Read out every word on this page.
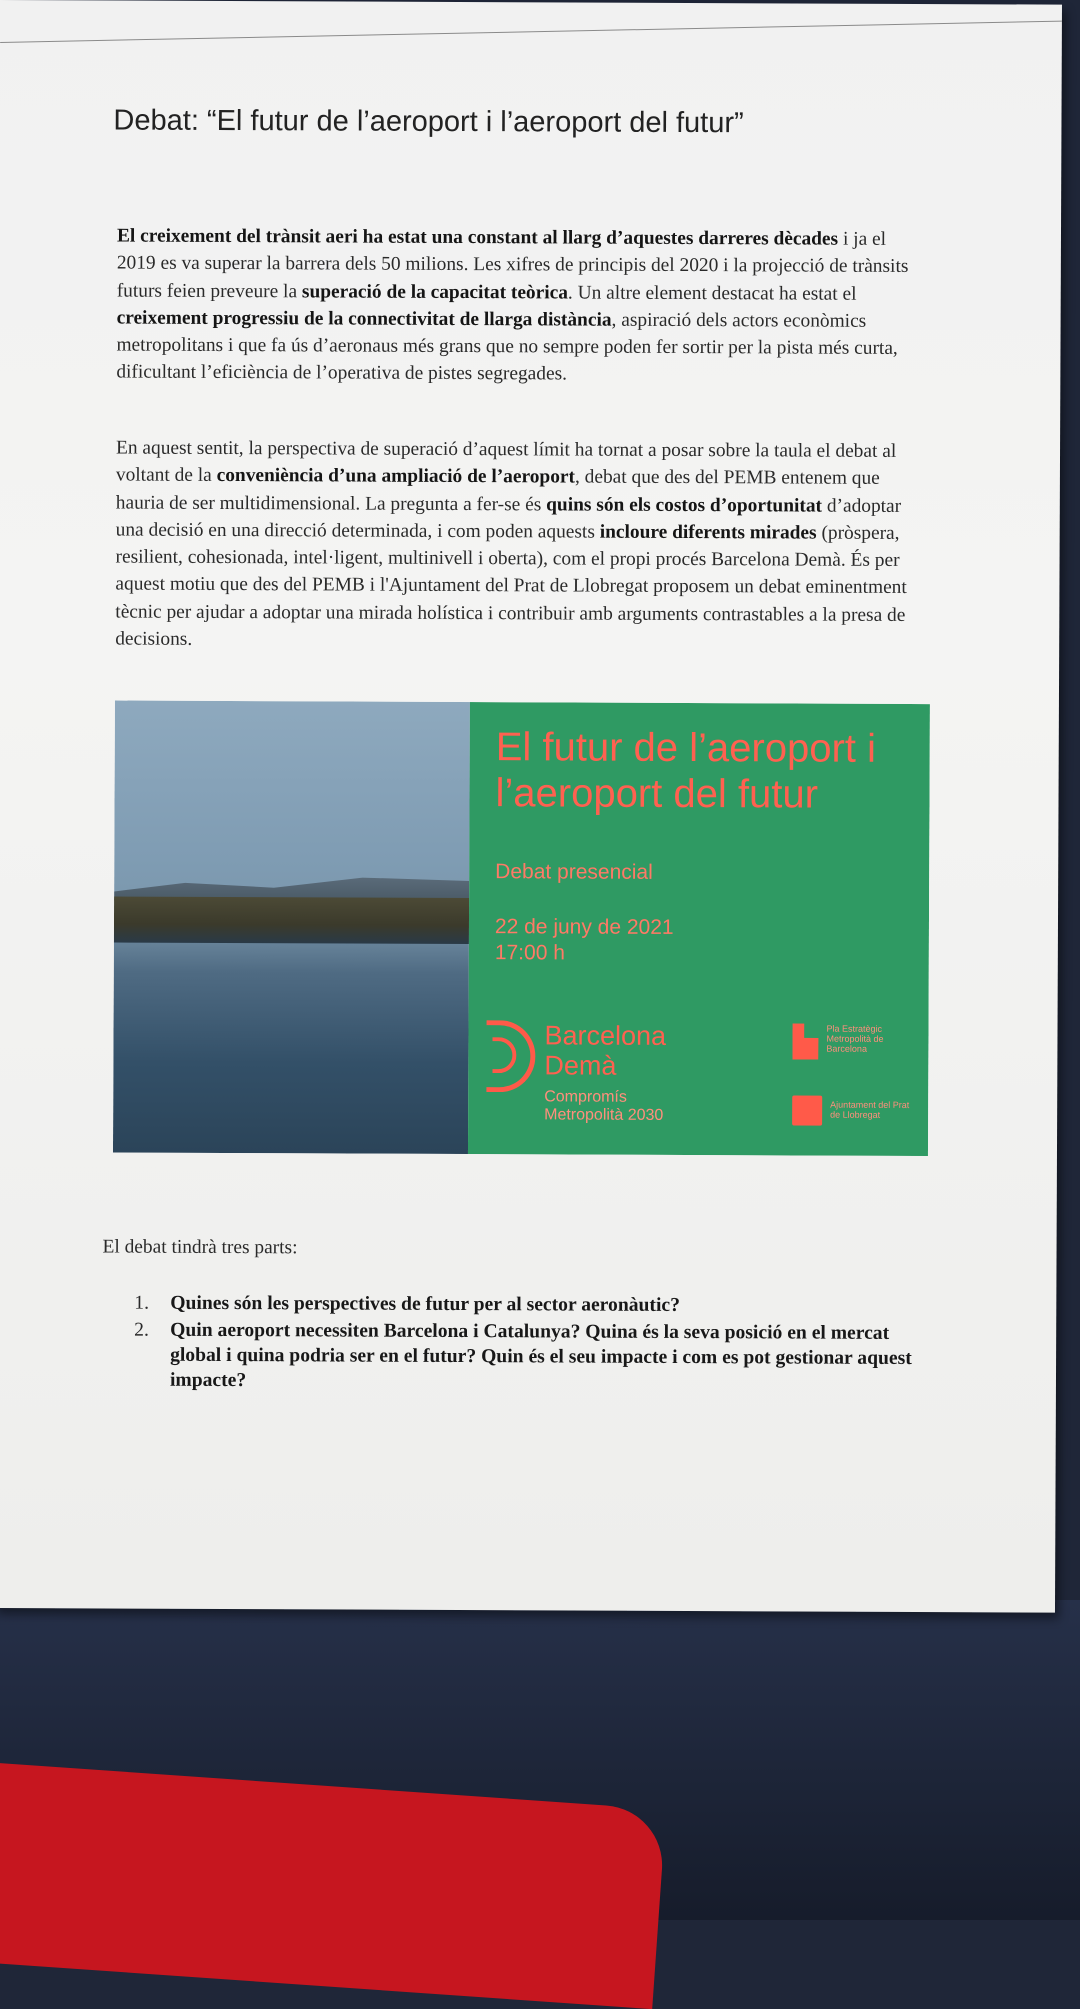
Debat: “El futur de l’aeroport i l’aeroport del futur”

El creixement del trànsit aeri ha estat una constant al llarg d’aquestes darreres dècades i ja el 2019 es va superar la barrera dels 50 milions. Les xifres de principis del 2020 i la projecció de trànsits futurs feien preveure la superació de la capacitat teòrica. Un altre element destacat ha estat el creixement progressiu de la connectivitat de llarga distància, aspiració dels actors econòmics metropolitans i que fa ús d’aeronaus més grans que no sempre poden fer sortir per la pista més curta, dificultant l’eficiència de l’operativa de pistes segregades.

En aquest sentit, la perspectiva de superació d’aquest límit ha tornat a posar sobre la taula el debat al voltant de la conveniència d’una ampliació de l’aeroport, debat que des del PEMB entenem que hauria de ser multidimensional. La pregunta a fer-se és quins són els costos d’oportunitat d’adoptar una decisió en una direcció determinada, i com poden aquests incloure diferents mirades (pròspera, resilient, cohesionada, intel·ligent, multinivell i oberta), com el propi procés Barcelona Demà. És per aquest motiu que des del PEMB i l'Ajuntament del Prat de Llobregat proposem un debat eminentment tècnic per ajudar a adoptar una mirada holística i contribuir amb arguments contrastables a la presa de decisions.

El futur de l’aeroport i l’aeroport del futur
Debat presencial
22 de juny de 2021
17:00 h
Barcelona
Demà
Compromís
Metropolità 2030
Pla Estratègic Metropolità de Barcelona
Ajuntament del Prat de Llobregat

El debat tindrà tres parts:

1.	Quines són les perspectives de futur per al sector aeronàutic?
2.	Quin aeroport necessiten Barcelona i Catalunya? Quina és la seva posició en el mercat global i quina podria ser en el futur? Quin és el seu impacte i com es pot gestionar aquest impacte?
